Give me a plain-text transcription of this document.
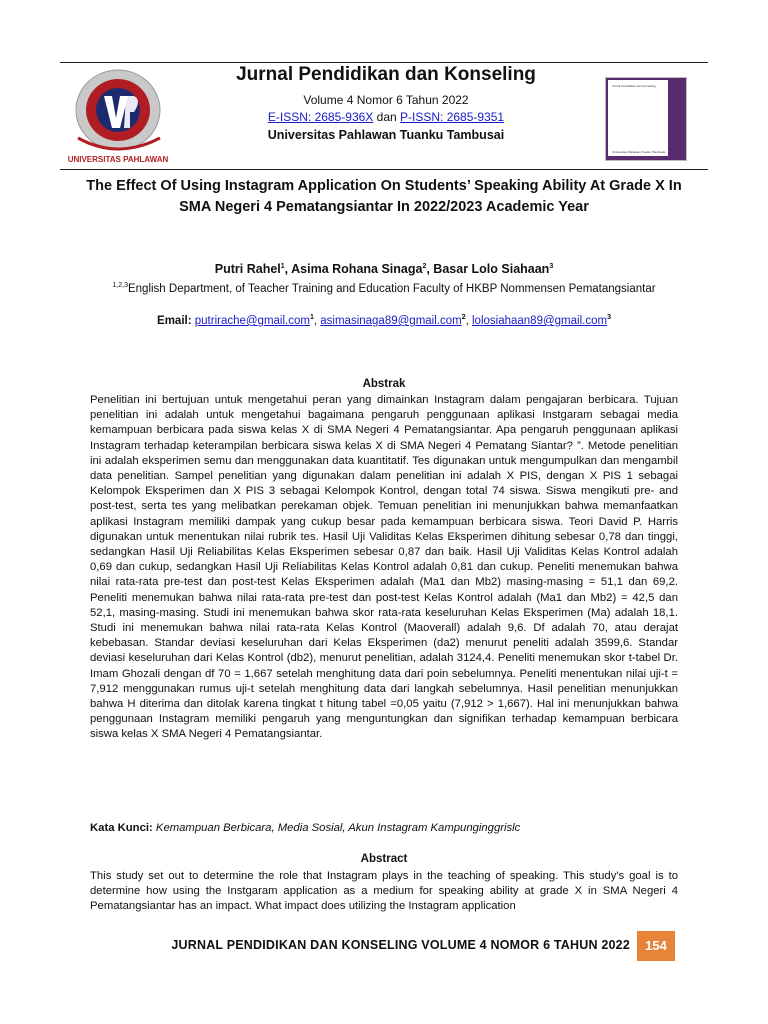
UNIVERSITAS PAHLAWAN
Jurnal Pendidikan dan Konseling
Universitas Pahlawan Tuanku Tambusai
Jurnal Pendidikan dan Konseling
Volume 4 Nomor 6 Tahun 2022
E-ISSN: 2685-936X dan P-ISSN: 2685-9351
Universitas Pahlawan Tuanku Tambusai
The Effect Of Using Instagram Application On Students’ Speaking Ability At Grade X In SMA Negeri 4 Pematangsiantar In 2022/2023 Academic Year
Putri Rahel$^1$, Asima Rohana Sinaga$^2$, Basar Lolo Siahaan$^3$
$^{1,2,3}$English Department, of Teacher Training and Education Faculty of HKBP Nommensen Pematangsiantar
Email: putrirache@gmail.com$^1$, asimasinaga89@gmail.com$^2$, lolosiahaan89@gmail.com$^3$
Abstrak

Penelitian ini bertujuan untuk mengetahui peran yang dimainkan Instagram dalam pengajaran berbicara. Tujuan penelitian ini adalah untuk mengetahui bagaimana pengaruh penggunaan aplikasi Instgaram sebagai media kemampuan berbicara pada siswa kelas X di SMA Negeri 4 Pematangsiantar. Apa pengaruh penggunaan aplikasi Instagram terhadap keterampilan berbicara siswa kelas X di SMA Negeri 4 Pematang Siantar? ”. Metode penelitian ini adalah eksperimen semu dan menggunakan data kuantitatif. Tes digunakan untuk mengumpulkan dan mengambil data penelitian. Sampel penelitian yang digunakan dalam penelitian ini adalah X PIS, dengan X PIS 1 sebagai Kelompok Eksperimen dan X PIS 3 sebagai Kelompok Kontrol, dengan total 74 siswa. Siswa mengikuti pre- and post-test, serta tes yang melibatkan perekaman objek. Temuan penelitian ini menunjukkan bahwa memanfaatkan aplikasi Instagram memiliki dampak yang cukup besar pada kemampuan berbicara siswa. Teori David P. Harris digunakan untuk menentukan nilai rubrik tes. Hasil Uji Validitas Kelas Eksperimen dihitung sebesar 0,78 dan tinggi, sedangkan Hasil Uji Reliabilitas Kelas Eksperimen sebesar 0,87 dan baik. Hasil Uji Validitas Kelas Kontrol adalah 0,69 dan cukup, sedangkan Hasil Uji Reliabilitas Kelas Kontrol adalah 0,81 dan cukup. Peneliti menemukan bahwa nilai rata-rata pre-test dan post-test Kelas Eksperimen adalah (Ma1 dan Mb2) masing-masing = 51,1 dan 69,2. Peneliti menemukan bahwa nilai rata-rata pre-test dan post-test Kelas Kontrol adalah (Ma1 dan Mb2) = 42,5 dan 52,1, masing-masing. Studi ini menemukan bahwa skor rata-rata keseluruhan Kelas Eksperimen (Ma) adalah 18,1. Studi ini menemukan bahwa nilai rata-rata Kelas Kontrol (Maoverall) adalah 9,6. Df adalah 70, atau derajat kebebasan. Standar deviasi keseluruhan dari Kelas Eksperimen (da2) menurut peneliti adalah 3599,6. Standar deviasi keseluruhan dari Kelas Kontrol (db2), menurut penelitian, adalah 3124,4. Peneliti menemukan skor t-tabel Dr. Imam Ghozali dengan df 70 = 1,667 setelah menghitung data dari poin sebelumnya. Peneliti menentukan nilai uji-t = 7,912 menggunakan rumus uji-t setelah menghitung data dari langkah sebelumnya. Hasil penelitian menunjukkan bahwa H diterima dan ditolak karena tingkat t hitung tabel =0,05 yaitu (7,912 > 1,667). Hal ini menunjukkan bahwa penggunaan Instagram memiliki pengaruh yang menguntungkan dan signifikan terhadap kemampuan berbicara siswa kelas X SMA Negeri 4 Pematangsiantar.

Kata Kunci: Kemampuan Berbicara, Media Sosial, Akun Instagram Kampunginggrislc
Abstract

This study set out to determine the role that Instagram plays in the teaching of speaking. This study's goal is to determine how using the Instgaram application as a medium for speaking ability at grade X in SMA Negeri 4 Pematangsiantar has an impact. What impact does utilizing the Instagram application

JURNAL PENDIDIKAN DAN KONSELING VOLUME 4 NOMOR 6 TAHUN 2022	154
